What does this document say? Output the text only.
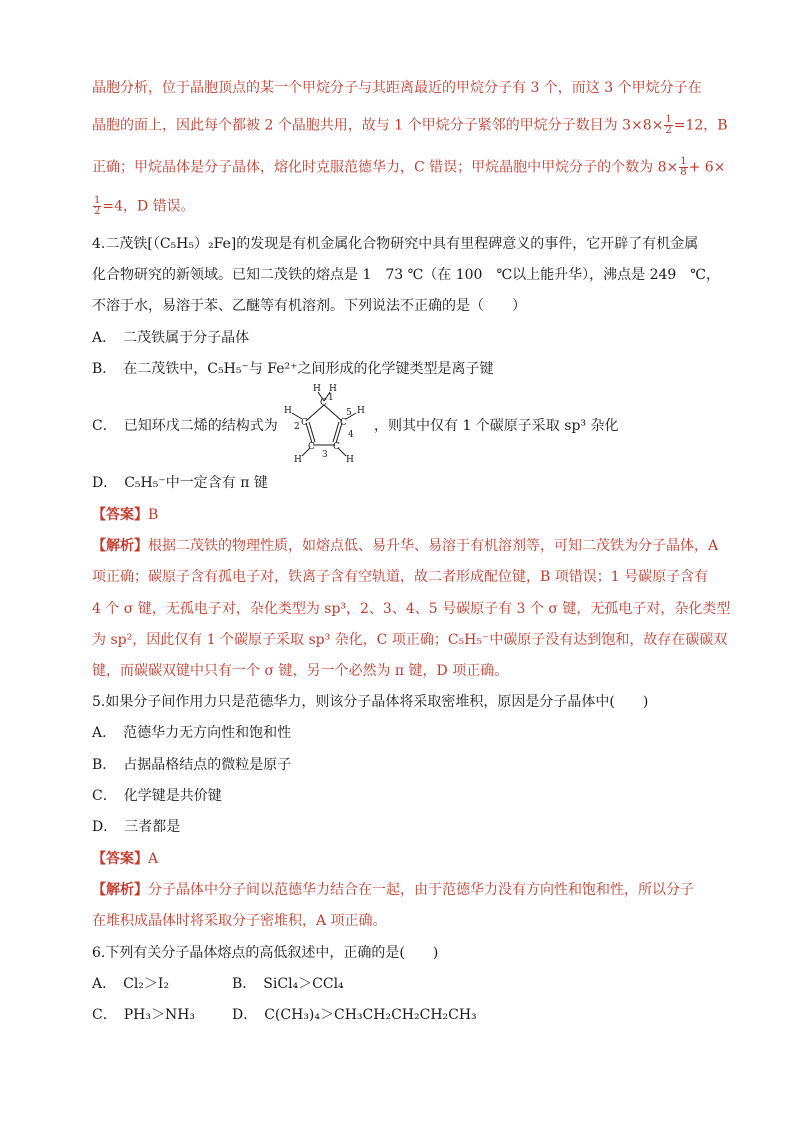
晶胞分析，位于晶胞顶点的某一个甲烷分子与其距离最近的甲烷分子有 3 个，而这 3 个甲烷分子在
晶胞的面上，因此每个都被 2 个晶胞共用，故与 1 个甲烷分子紧邻的甲烷分子数目为 $3\times 8\times \frac{1}{2} =12$，B
正确；甲烷晶体是分子晶体，熔化时克服范德华力，C 错误；甲烷晶胞中甲烷分子的个数为 $8\times \frac{1}{8} + 6\times$
$\frac{1}{2} =4$，D 错误。
4.二茂铁[（C₅H₅）₂Fe]的发现是有机金属化合物研究中具有里程碑意义的事件，它开辟了有机金属
化合物研究的新领域。已知二茂铁的熔点是 1　73 ℃（在 100　℃以上能升华），沸点是 249　℃，
不溶于水，易溶于苯、乙醚等有机溶剂。下列说法不正确的是（　　）
A．　二茂铁属于分子晶体
B．　在二茂铁中，C₅H₅⁻与 Fe²⁺之间形成的化学键类型是离子键
C．　已知环戊二烯的结构式为
C
C	C
C C
1
2
5
3
4
H H
H	H
H	H
，则其中仅有 1 个碳原子采取 sp³ 杂化
D．　C₅H₅⁻中一定含有 π 键
【答案】B
【解析】根据二茂铁的物理性质，如熔点低、易升华、易溶于有机溶剂等，可知二茂铁为分子晶体，A
项正确；碳原子含有孤电子对，铁离子含有空轨道，故二者形成配位键，B 项错误；1 号碳原子含有
4 个 σ 键，无孤电子对，杂化类型为 sp³，2、3、4、5 号碳原子有 3 个 σ 键，无孤电子对，杂化类型
为 sp²，因此仅有 1 个碳原子采取 sp³ 杂化，C 项正确；C₅H₅⁻中碳原子没有达到饱和，故存在碳碳双
键，而碳碳双键中只有一个 σ 键，另一个必然为 π 键，D 项正确。
5.如果分子间作用力只是范德华力，则该分子晶体将采取密堆积，原因是分子晶体中(　　)
A．　范德华力无方向性和饱和性
B．　占据晶格结点的微粒是原子
C．　化学键是共价键
D．　三者都是
【答案】A
【解析】分子晶体中分子间以范德华力结合在一起，由于范德华力没有方向性和饱和性，所以分子
在堆积成晶体时将采取分子密堆积，A 项正确。
6.下列有关分子晶体熔点的高低叙述中，正确的是(　　)
A．　Cl₂＞I₂	B．　SiCl₄＞CCl₄
C．　PH₃＞NH₃	D．　C(CH₃)₄＞CH₃CH₂CH₂CH₂CH₃
